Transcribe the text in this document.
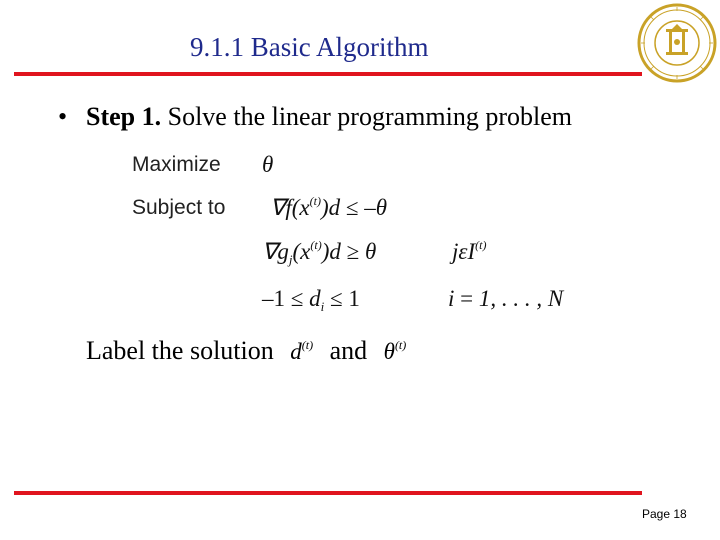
9.1.1 Basic Algorithm
• Step 1. Solve the linear programming problem
Maximize θ
Subject to $\nabla f(x^{(t)})d \le -\theta$
$\nabla g_j(x^{(t)})d \ge \theta$	jεI$^{(t)}$
$-1 \le d_i \le 1$	i = 1, . . . , N
Label the solution $d^{(t)}$ and $\theta^{(t)}$
Page 18
